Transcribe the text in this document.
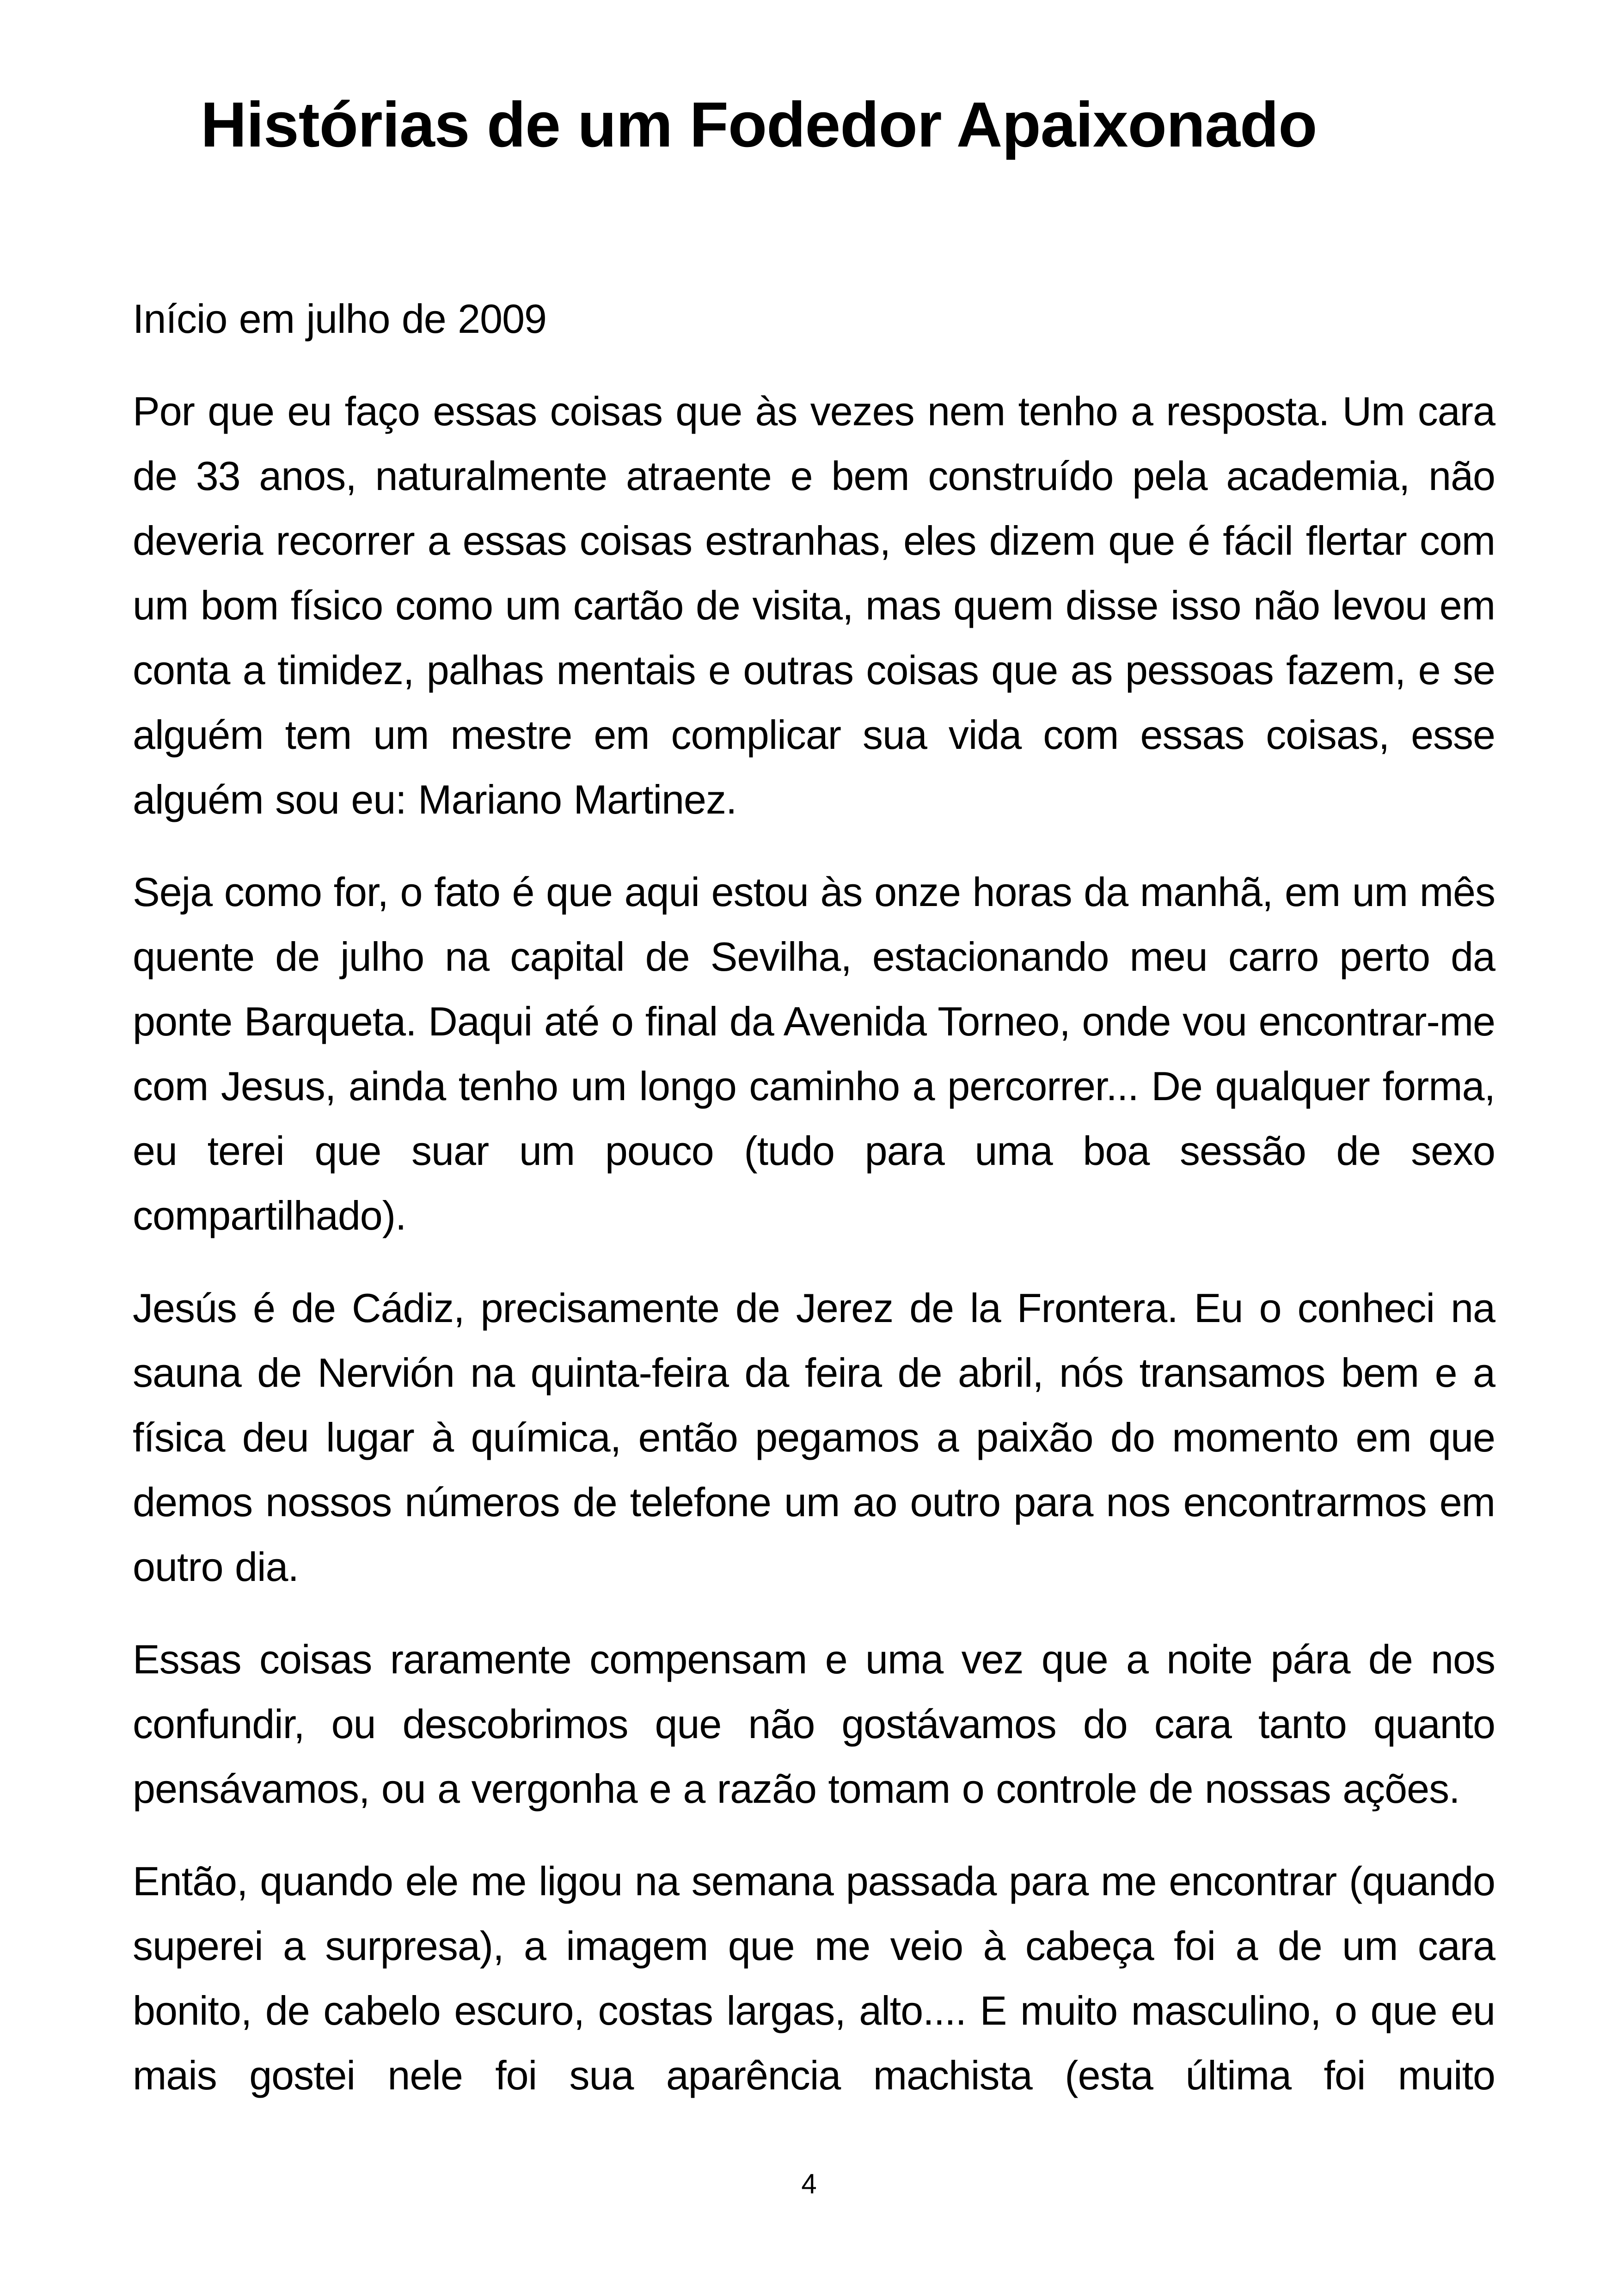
Histórias de um Fodedor Apaixonado

Início em julho de 2009

Por que eu faço essas coisas que às vezes nem tenho a resposta. Um cara de 33 anos, naturalmente atraente e bem construído pela academia, não deveria recorrer a essas coisas estranhas, eles dizem que é fácil flertar com um bom físico como um cartão de visita, mas quem disse isso não levou em conta a timidez, palhas mentais e outras coisas que as pessoas fazem, e se alguém tem um mestre em complicar sua vida com essas coisas, esse alguém sou eu: Mariano Martinez.

Seja como for, o fato é que aqui estou às onze horas da manhã, em um mês quente de julho na capital de Sevilha, estacionando meu carro perto da ponte Barqueta. Daqui até o final da Avenida Torneo, onde vou encontrar-me com Jesus, ainda tenho um longo caminho a percorrer... De qualquer forma, eu terei que suar um pouco (tudo para uma boa sessão de sexo compartilhado).

Jesús é de Cádiz, precisamente de Jerez de la Frontera. Eu o conheci na sauna de Nervión na quinta-feira da feira de abril, nós transamos bem e a física deu lugar à química, então pegamos a paixão do momento em que demos nossos números de telefone um ao outro para nos encontrarmos em outro dia.

Essas coisas raramente compensam e uma vez que a noite pára de nos confundir, ou descobrimos que não gostávamos do cara tanto quanto pensávamos, ou a vergonha e a razão tomam o controle de nossas ações.

Então, quando ele me ligou na semana passada para me encontrar (quando superei a surpresa), a imagem que me veio à cabeça foi a de um cara bonito, de cabelo escuro, costas largas, alto.... E muito masculino, o que eu mais gostei nele foi sua aparência machista (esta última foi muito

4
